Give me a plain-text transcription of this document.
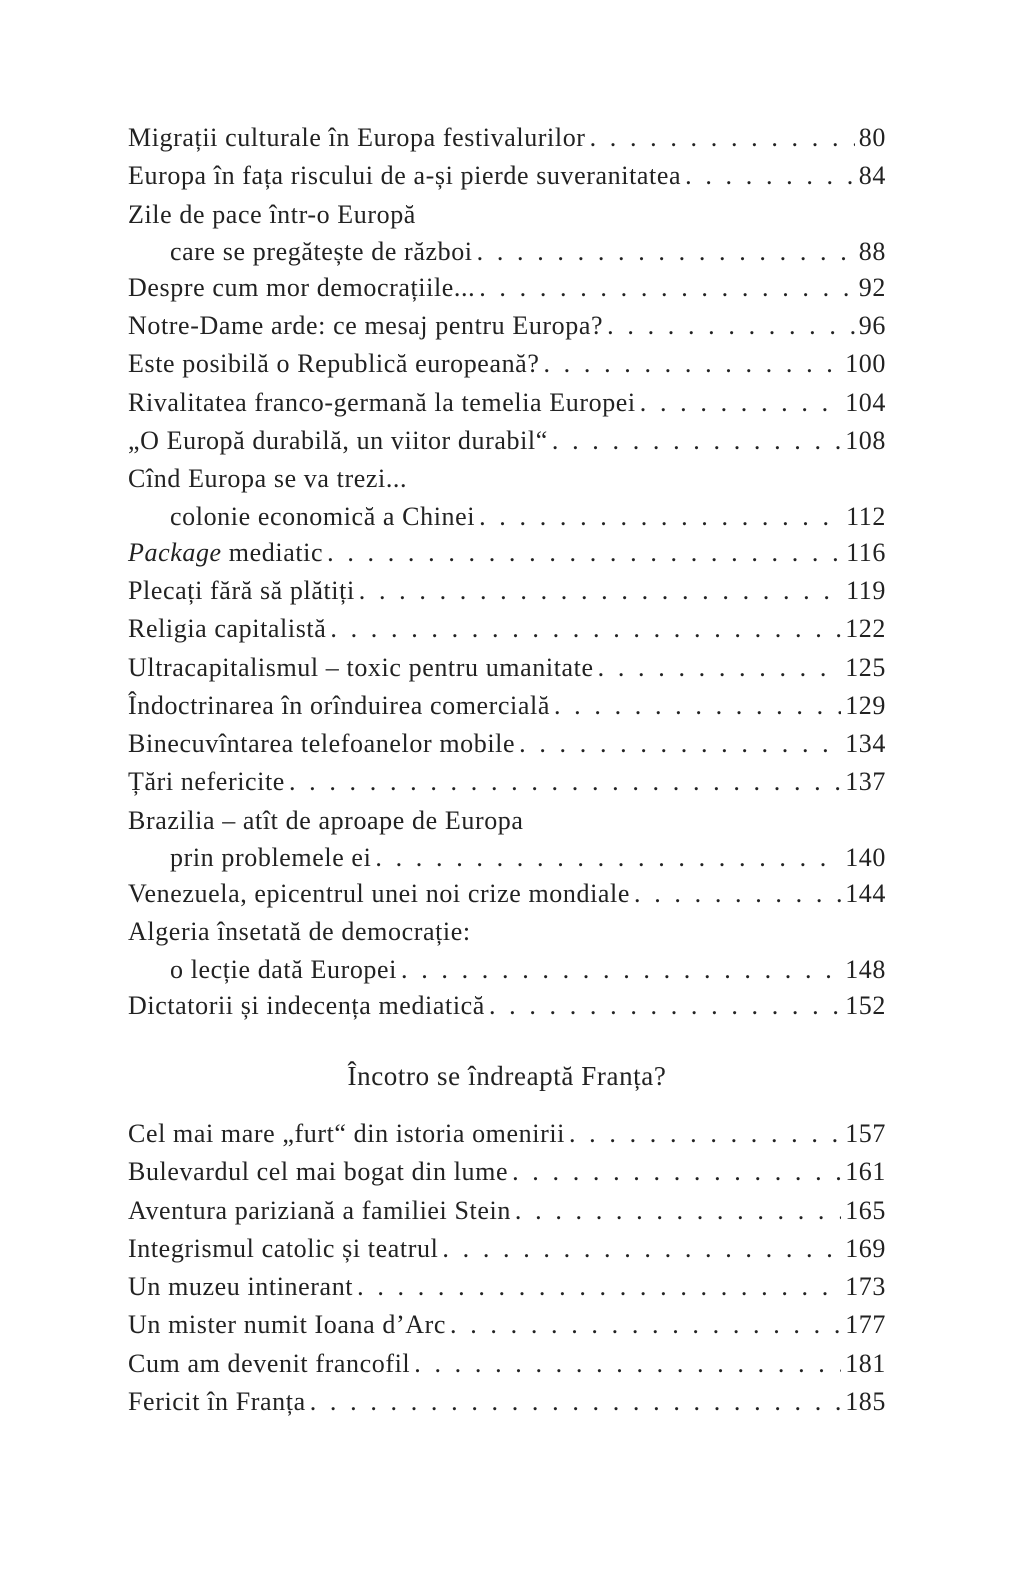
Migrații culturale în Europa festivalurilor . . .	80
Europa în fața riscului de a-și pierde suveranitatea . . .	84
Zile de pace într-o Europă
care se pregătește de război . . .	88
Despre cum mor democrațiile... . . .	92
Notre-Dame arde: ce mesaj pentru Europa? . . .	96
Este posibilă o Republică europeană? . . .	100
Rivalitatea franco-germană la temelia Europei . . .	104
„O Europă durabilă, un viitor durabil“ . . .	108
Cînd Europa se va trezi...
colonie economică a Chinei . . .	112
Package mediatic . . .	116
Plecați fără să plătiți . . .	119
Religia capitalistă . . .	122
Ultracapitalismul – toxic pentru umanitate . . .	125
Îndoctrinarea în orînduirea comercială . . .	129
Binecuvîntarea telefoanelor mobile . . .	134
Țări nefericite . . .	137
Brazilia – atît de aproape de Europa
prin problemele ei . . .	140
Venezuela, epicentrul unei noi crize mondiale . . .	144
Algeria însetată de democrație:
o lecție dată Europei . . .	148
Dictatorii și indecența mediatică . . .	152
Încotro se îndreaptă Franța?
Cel mai mare „furt“ din istoria omenirii . . .	157
Bulevardul cel mai bogat din lume . . .	161
Aventura pariziană a familiei Stein . . .	165
Integrismul catolic și teatrul . . .	169
Un muzeu intinerant . . .	173
Un mister numit Ioana d’Arc . . .	177
Cum am devenit francofil . . .	181
Fericit în Franța . . .	185
